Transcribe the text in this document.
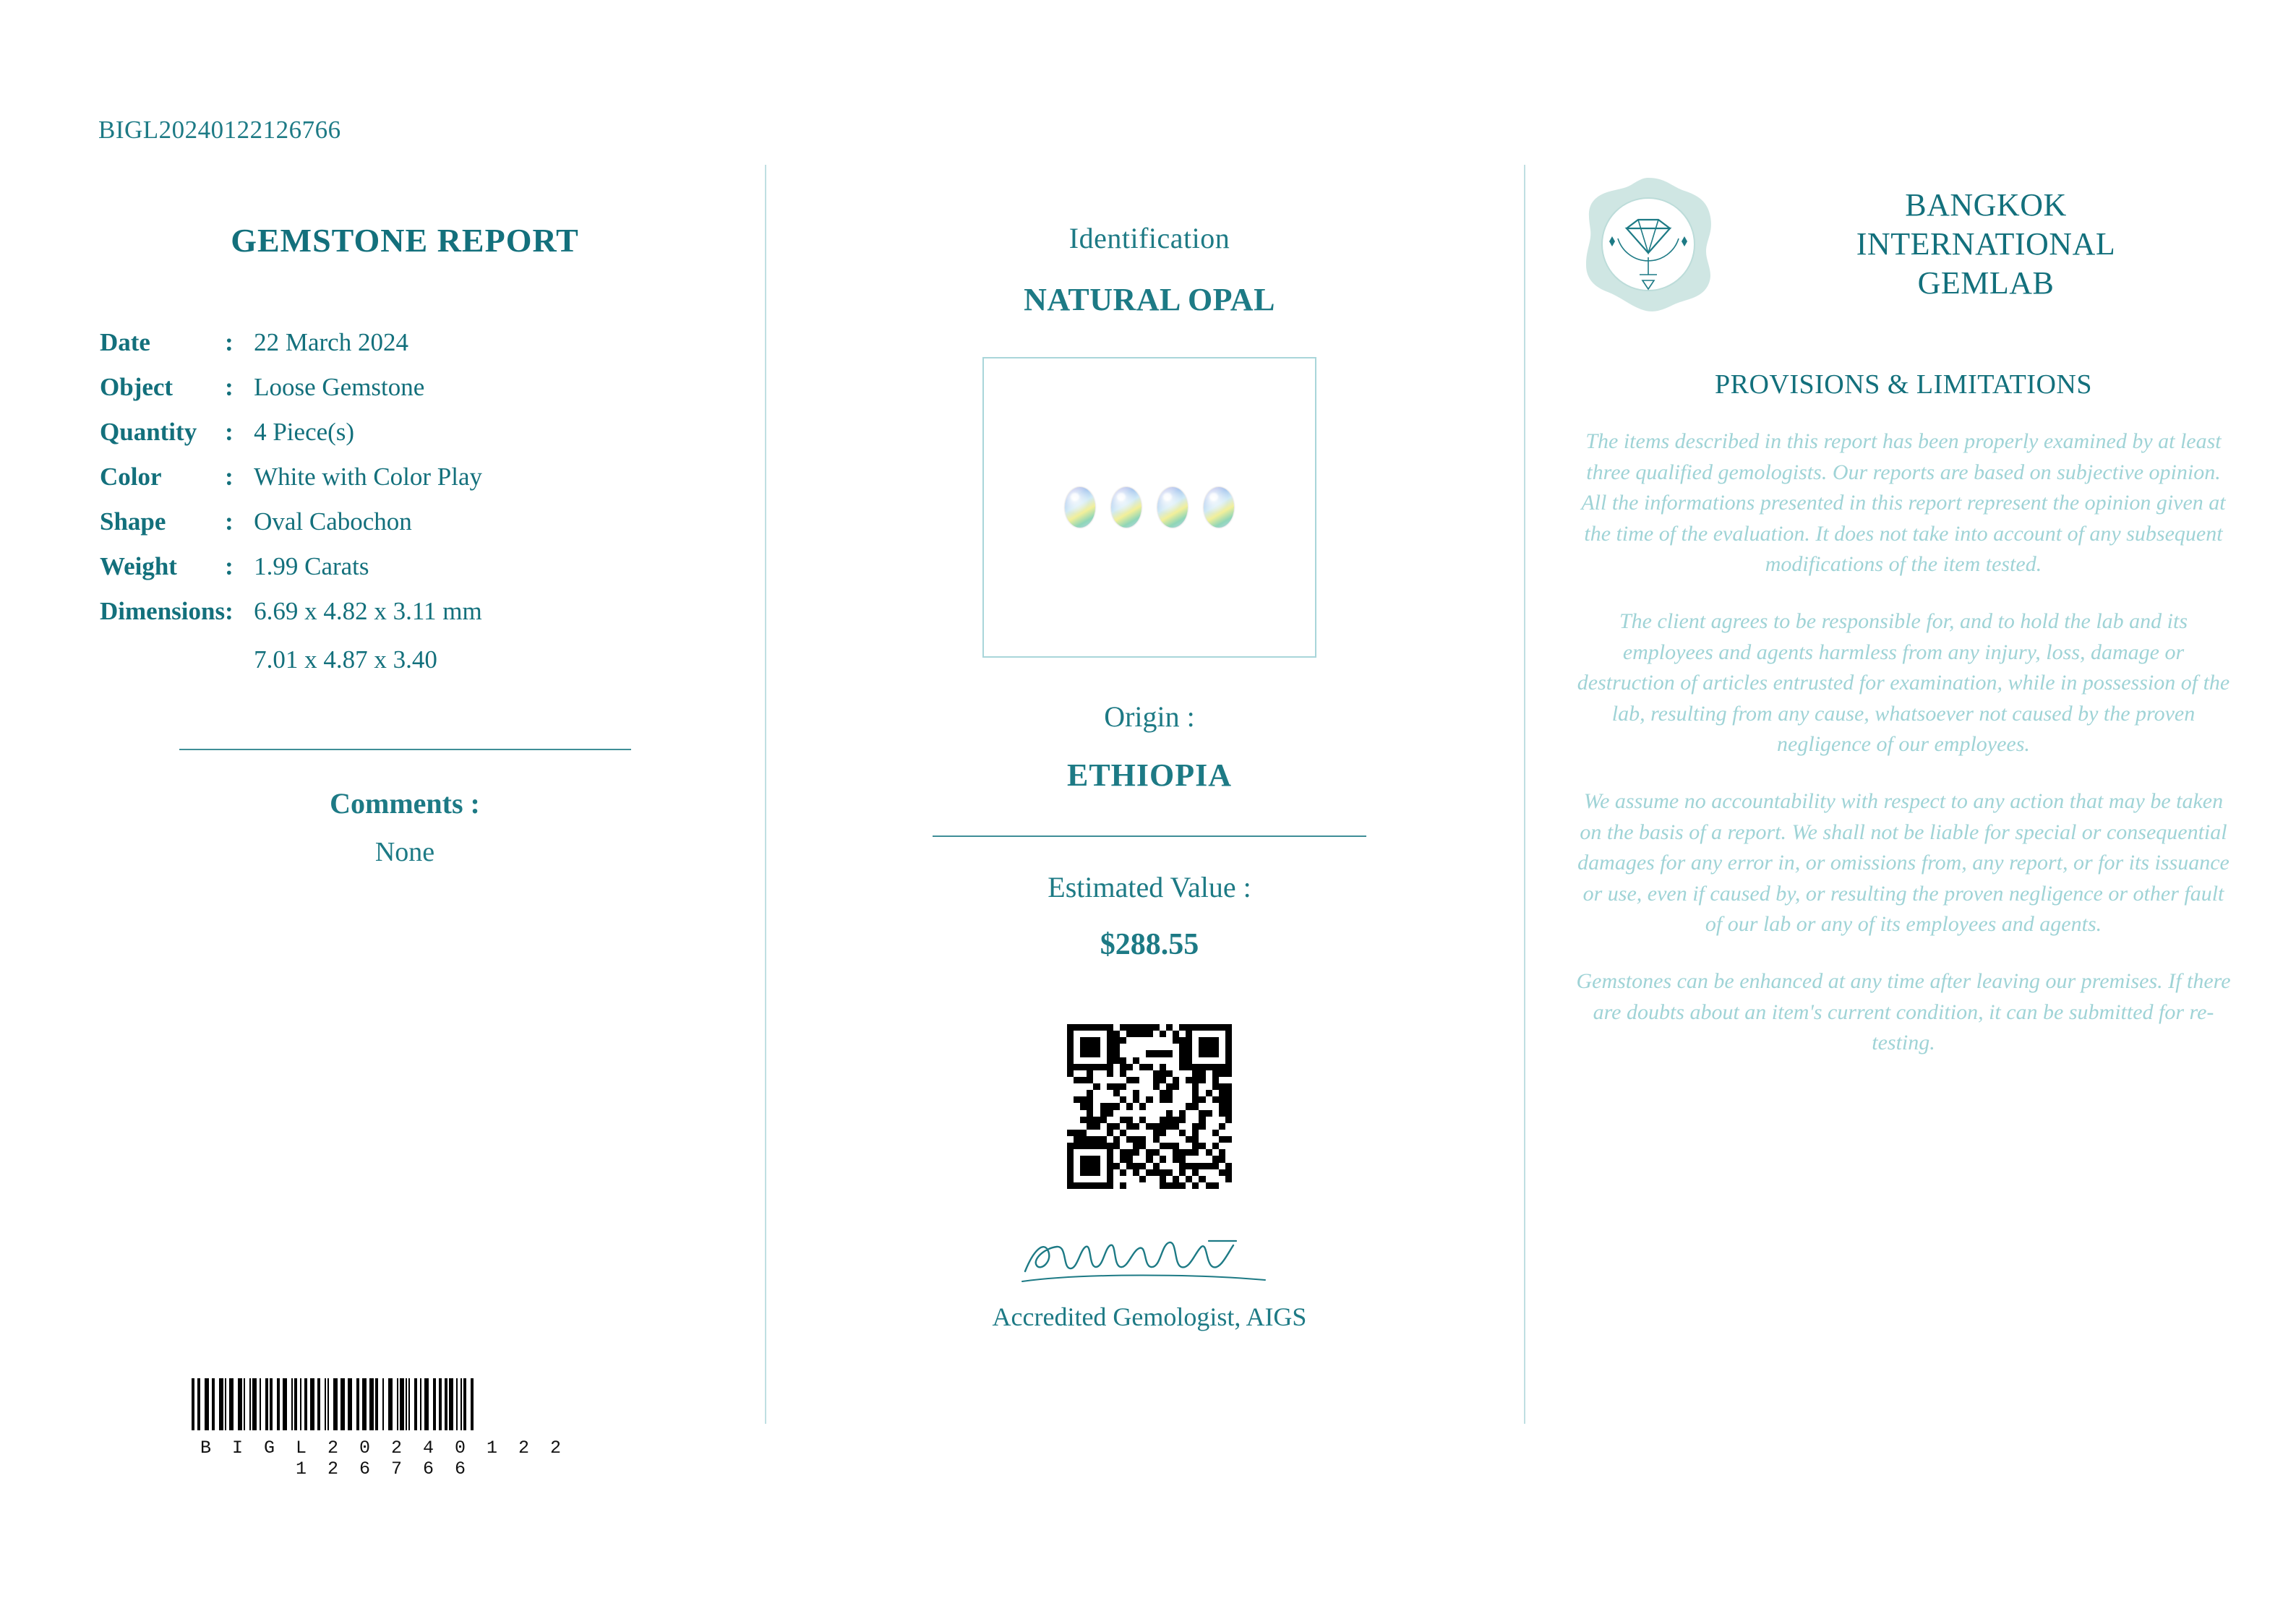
BIGL20240122126766
GEMSTONE REPORT
Date	:	22 March 2024
Object	:	Loose Gemstone
Quantity	:	4 Piece(s)
Color	:	White with Color Play
Shape	:	Oval Cabochon
Weight	:	1.99 Carats
Dimensions	:	6.69 x 4.82 x 3.11 mm
		7.01 x 4.87 x 3.40
Comments :
None
B I G L 2 0 2 4 0 1 2 2 1 2 6 7 6 6
Identification
NATURAL OPAL
Origin :
ETHIOPIA
Estimated Value :
$288.55
Accredited Gemologist, AIGS
BANGKOK
INTERNATIONAL
GEMLAB
PROVISIONS & LIMITATIONS
The items described in this report has been properly examined by at least three qualified gemologists. Our reports are based on subjective opinion. All the informations presented in this report represent the opinion given at the time of the evaluation. It does not take into account of any subsequent modifications of the item tested.
The client agrees to be responsible for, and to hold the lab and its employees and agents harmless from any injury, loss, damage or destruction of articles entrusted for examination, while in possession of the lab, resulting from any cause, whatsoever not caused by the proven negligence of our employees.
We assume no accountability with respect to any action that may be taken on the basis of a report. We shall not be liable for special or consequential damages for any error in, or omissions from, any report, or for its issuance or use, even if caused by, or resulting the proven negligence or other fault of our lab or any of its employees and agents.
Gemstones can be enhanced at any time after leaving our premises. If there are doubts about an item's current condition, it can be submitted for re-testing.
